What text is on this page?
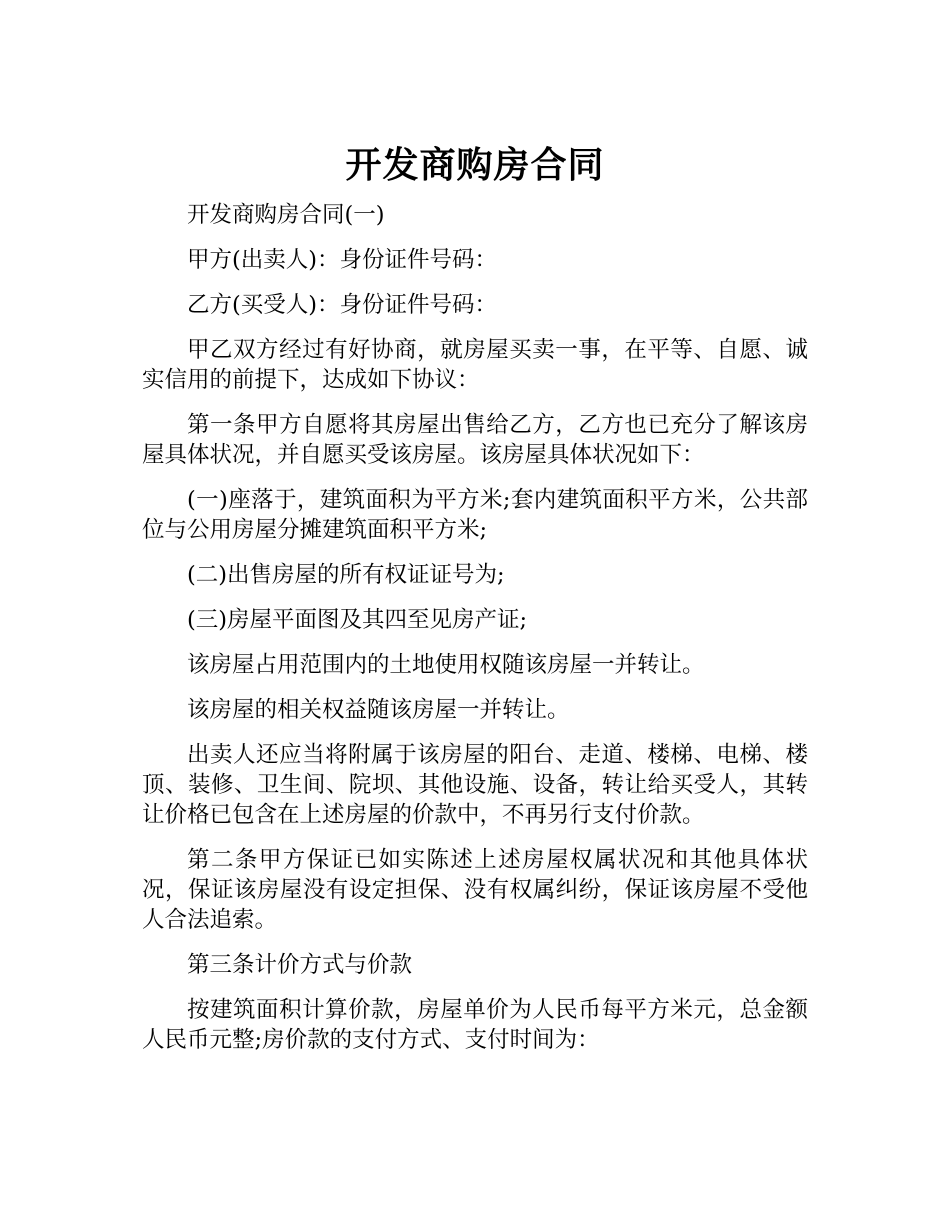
开发商购房合同

开发商购房合同(一)

甲方(出卖人)：身份证件号码：

乙方(买受人)：身份证件号码：

甲乙双方经过有好协商，就房屋买卖一事，在平等、自愿、诚实信用的前提下，达成如下协议：

第一条甲方自愿将其房屋出售给乙方，乙方也已充分了解该房屋具体状况，并自愿买受该房屋。该房屋具体状况如下：

(一)座落于，建筑面积为平方米;套内建筑面积平方米，公共部位与公用房屋分摊建筑面积平方米;

(二)出售房屋的所有权证证号为;

(三)房屋平面图及其四至见房产证;

该房屋占用范围内的土地使用权随该房屋一并转让。

该房屋的相关权益随该房屋一并转让。

出卖人还应当将附属于该房屋的阳台、走道、楼梯、电梯、楼顶、装修、卫生间、院坝、其他设施、设备，转让给买受人，其转让价格已包含在上述房屋的价款中，不再另行支付价款。

第二条甲方保证已如实陈述上述房屋权属状况和其他具体状况，保证该房屋没有设定担保、没有权属纠纷，保证该房屋不受他人合法追索。

第三条计价方式与价款

按建筑面积计算价款，房屋单价为人民币每平方米元，总金额人民币元整;房价款的支付方式、支付时间为：
